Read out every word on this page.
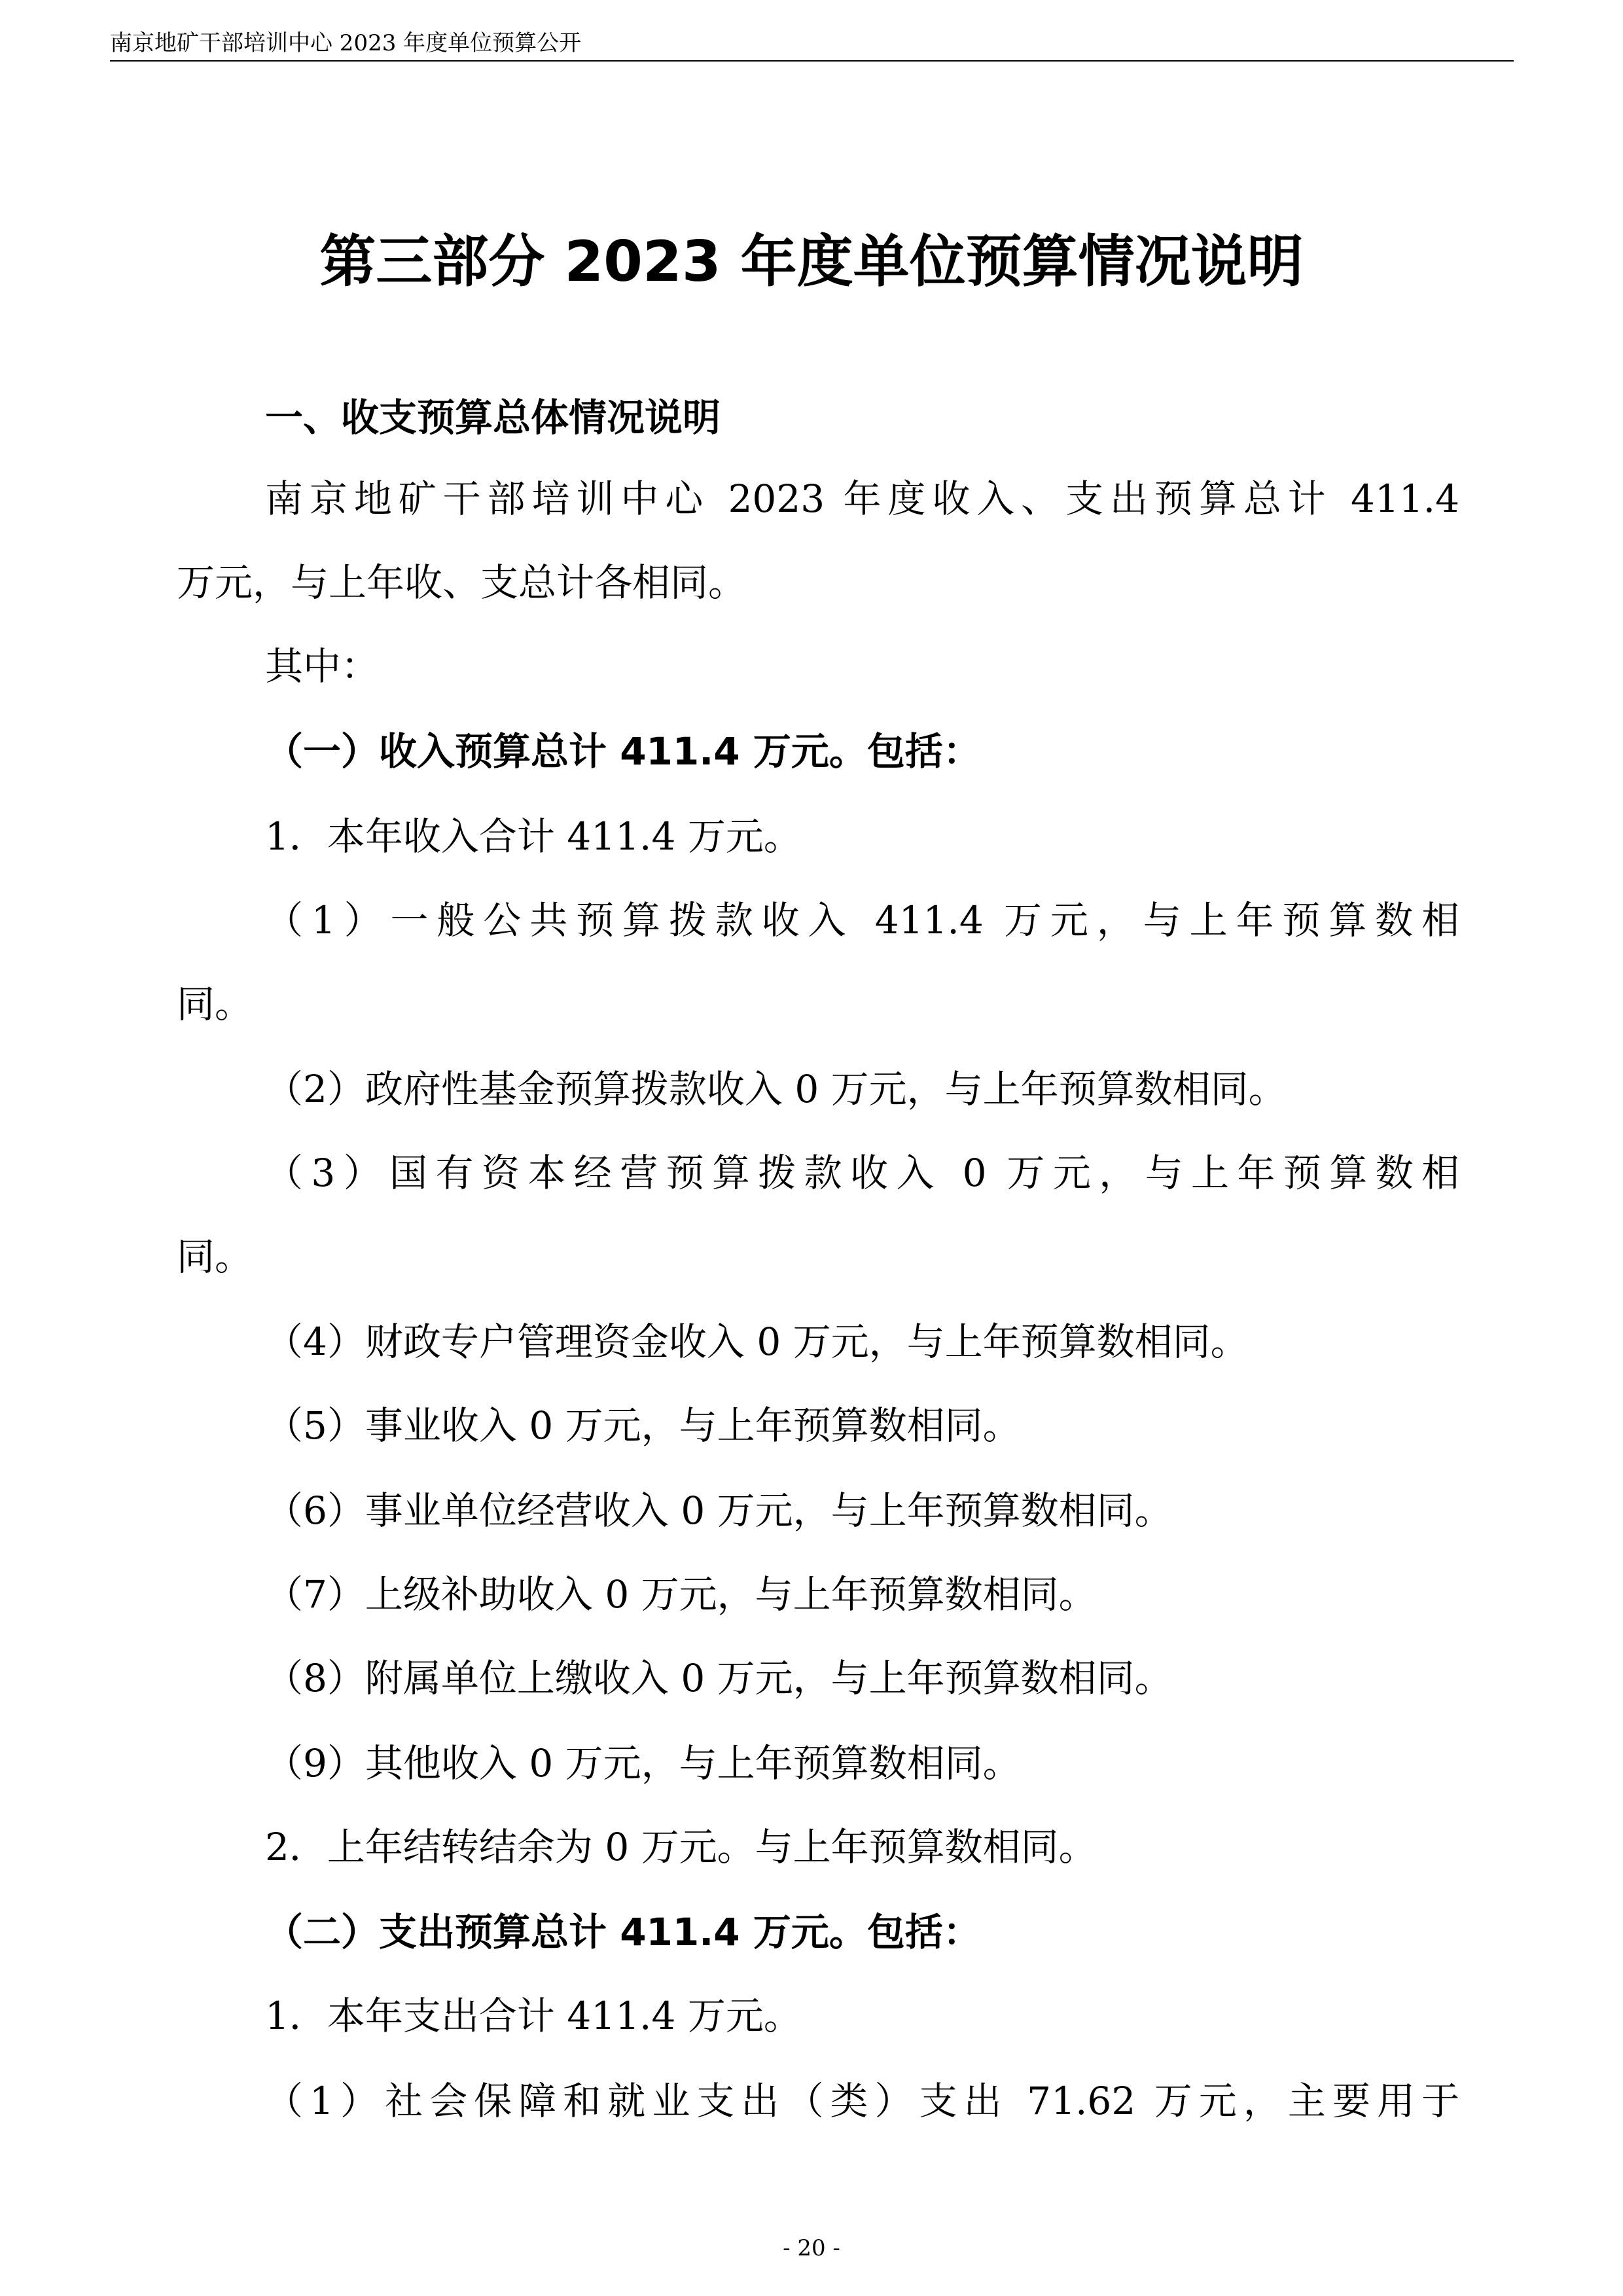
南京地矿干部培训中心 2023 年度单位预算公开
第三部分 2023 年度单位预算情况说明
一、收支预算总体情况说明
南京地矿干部培训中心 2023 年度收入、支出预算总计 411.4
万元，与上年收、支总计各相同。
其中：
（一）收入预算总计 411.4 万元。包括：
1．本年收入合计 411.4 万元。
（1）一般公共预算拨款收入 411.4 万元，与上年预算数相
同。
（2）政府性基金预算拨款收入 0 万元，与上年预算数相同。
（3）国有资本经营预算拨款收入 0 万元，与上年预算数相
同。
（4）财政专户管理资金收入 0 万元，与上年预算数相同。
（5）事业收入 0 万元，与上年预算数相同。
（6）事业单位经营收入 0 万元，与上年预算数相同。
（7）上级补助收入 0 万元，与上年预算数相同。
（8）附属单位上缴收入 0 万元，与上年预算数相同。
（9）其他收入 0 万元，与上年预算数相同。
2．上年结转结余为 0 万元。与上年预算数相同。
（二）支出预算总计 411.4 万元。包括：
1．本年支出合计 411.4 万元。
（1）社会保障和就业支出（类）支出 71.62 万元，主要用于
- 20 -
